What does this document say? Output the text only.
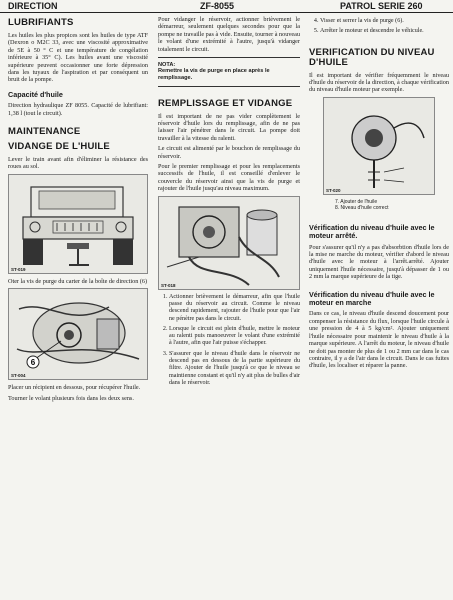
DIRECTION	ZF-8055	PATROL SERIE 260
LUBRIFIANTS

Les huiles les plus propices sont les huiles de type ATF (Dexron o M2C 33, avec une viscosité approximative de 5E à 50 ° C et une température de congélation inférieure à 35° C). Les huiles avant une viscosité supérieure peuvent occasionner une forte dépression dans les tuyaux de l'aspiration et par conséquent un bruit de la pompe.

Capacité d'huile

Direction hydraulique ZF 8055. Capacité de lubrifiant: 1,38 l (tout le circuit).

MAINTENANCE
VIDANGE DE L'HUILE

Lever le train avant afin d'éliminer la résistance des roues au sol.

ST-019

Oter la vis de purge du carter de la boîte de direction (6)

6
ST-004

Placer un récipient en dessous, pour récupérer l'huile.

Tourner le volant plusieurs fois dans les deux sens.

Pour vidanger le réservoir, actionner brièvement le démarreur, seulement quelques secondes pour que la pompe ne travaille pas à vide. Ensuite, tourner à nouveau le volant d'une extrémité à l'autre, jusqu'à vidanger totalement le circuit.

NOTA:
Remettre la vis de purge en place après le remplissage.
REMPLISSAGE ET VIDANGE

Il est important de ne pas vider complètement le réservoir d'huile lors du remplissage, afin de ne pas laisser l'air pénétrer dans le circuit. La pompe doit travailler à la vitesse du ralenti.

Le circuit est alimenté par le bouchon de remplissage du réservoir.

Pour le premier remplissage et pour les remplacements successifs de l'huile, il est conseillé d'enlever le couvercle du réservoir ainsi que la vis de purge et rajouter de l'huile jusqu'au niveau maximum.

ST-018
1. Actionner brièvement le démarreur, afin que l'huile passe du réservoir au circuit. Comme le niveau descend rapidement, rajouter de l'huile pour que l'air ne pénètre pas dans le circuit.
2. Lorsque le circuit est plein d'huile, mettre le moteur au ralenti puis manoeuvrer le volant d'une extrémité à l'autre, afin que l'air puisse s'échapper.
3. S'assurer que le niveau d'huile dans le réservoir ne descend pas en dessous de la partie supérieure du filtre. Ajouter de l'huile jusqu'à ce que le niveau se maintienne constant et qu'il n'y ait plus de bulles d'air dans le réservoir.
4. Visser et serrer la vis de purge (6).
5. Arrêter le moteur et descendre le véhicule.
VERIFICATION DU NIVEAU D'HUILE

Il est important de vérifier fréquemment le niveau d'huile du réservoir de la direction, à chaque vérification du niveau d'huile moteur par exemple.

ST-020
7. Ajouter de l'huile
8. Niveau d'huile correct
Vérification du niveau d'huile avec le moteur arrêté.

Pour s'assurer qu'il n'y a pas d'absorbtion d'huile lors de la mise ne marche du moteur, vérifier d'abord le niveau d'huile avec le moteur à l'arrêt.arrêté. Ajouter uniquement l'huile nécessaire, jusqu'à dépasser de 1 ou 2 mm la marque supérieure de la tige.

Vérification du niveau d'huile avec le moteur en marche

Dans ce cas, le niveau d'huile descend doucement pour compenser la résistance du flux, lorsque l'huile circule à une pression de 4 à 5 kg/cm². Ajouter uniquement l'huile nécessaire pour maintenir le niveau d'huile à la marque supérieure. A l'arrêt du moteur, le niveau d'huile ne doit pas monter de plus de 1 ou 2 mm car dans le cas contraire, il y a de l'air dans le circuit. Dans le cas fuites d'huile, les localiser et réparer la panne.
